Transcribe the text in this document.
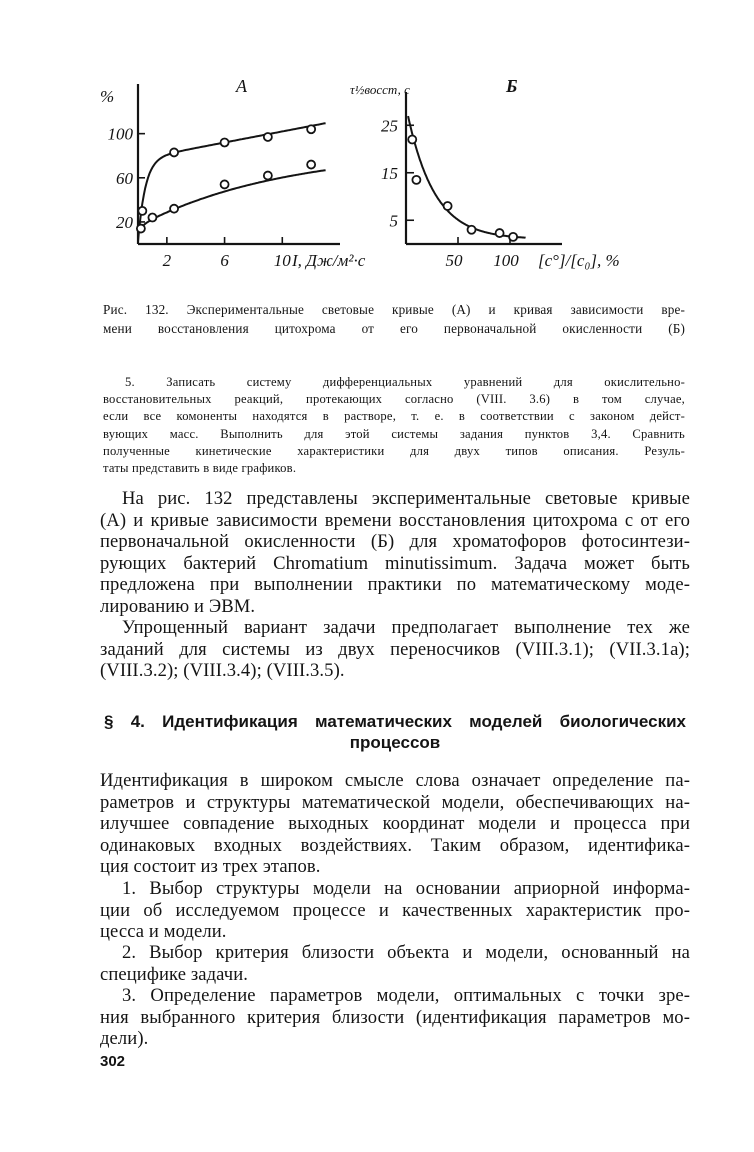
20
60
100
2	6	10
%
А
I, Дж/м²·с
5
15
25
50 100
τ½восст, с	Б
[c°]/[c₀], %
Рис. 132. Экспериментальные световые кривые (А) и кривая зависимости вре-
мени восстановления цитохрома от его первоначальной окисленности (Б)
5. Записать систему дифференциальных уравнений для окислительно-
восстановительных реакций, протекающих согласно (VIII. 3.6) в том случае,
если все комоненты находятся в растворе, т. е. в соответствии с законом дейст-
вующих масс. Выполнить для этой системы задания пунктов 3,4. Сравнить
полученные кинетические характеристики для двух типов описания. Резуль-
таты представить в виде графиков.
На рис. 132 представлены экспериментальные световые кривые
(А) и кривые зависимости времени восстановления цитохрома с от его
первоначальной окисленности (Б) для хроматофоров фотосинтези-
рующих бактерий Chromatium minutissimum. Задача может быть
предложена при выполнении практики по математическому моде-
лированию и ЭВМ.
Упрощенный вариант задачи предполагает выполнение тех же
заданий для системы из двух переносчиков (VIII.3.1); (VII.3.1а);
(VIII.3.2); (VIII.3.4); (VIII.3.5).
§ 4. Идентификация математических моделей биологических
процессов
Идентификация в широком смысле слова означает определение па-
раметров и структуры математической модели, обеспечивающих на-
илучшее совпадение выходных координат модели и процесса при
одинаковых входных воздействиях. Таким образом, идентифика-
ция состоит из трех этапов.
1. Выбор структуры модели на основании априорной информа-
ции об исследуемом процессе и качественных характеристик про-
цесса и модели.
2. Выбор критерия близости объекта и модели, основанный на
специфике задачи.
3. Определение параметров модели, оптимальных с точки зре-
ния выбранного критерия близости (идентификация параметров мо-
дели).
302
